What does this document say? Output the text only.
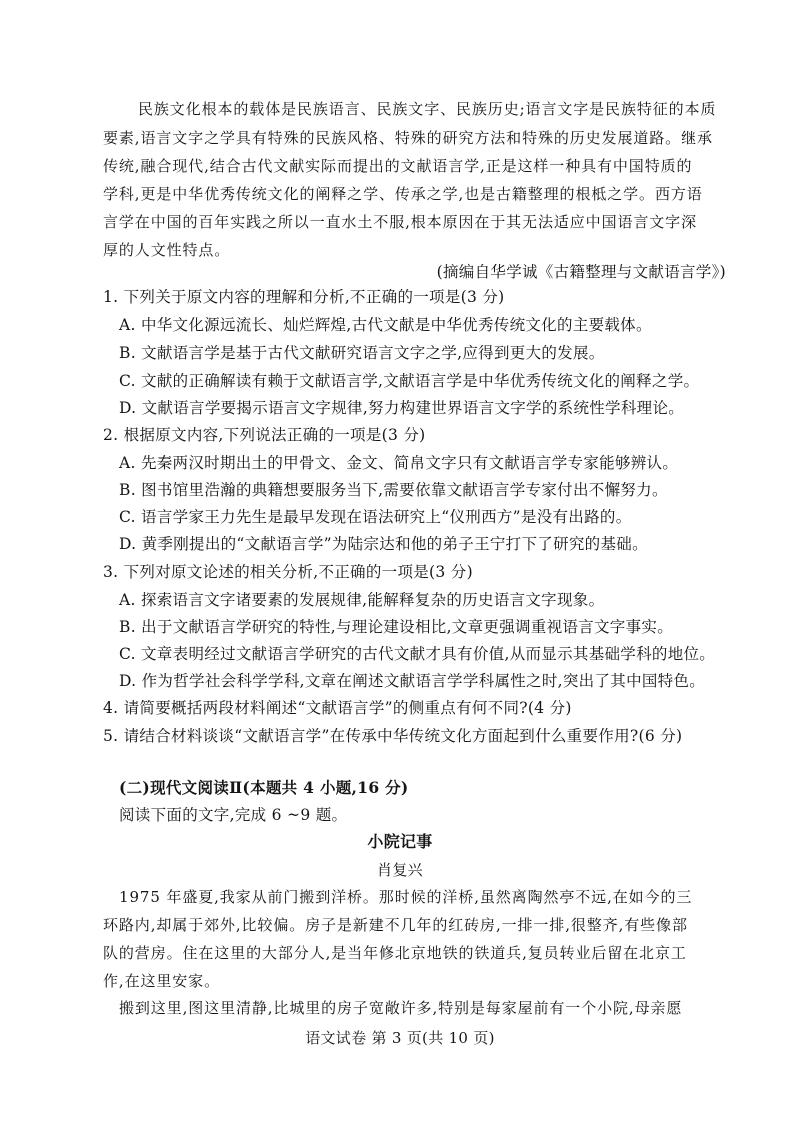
民族文化根本的载体是民族语言、民族文字、民族历史;语言文字是民族特征的本质
要素,语言文字之学具有特殊的民族风格、特殊的研究方法和特殊的历史发展道路。继承
传统,融合现代,结合古代文献实际而提出的文献语言学,正是这样一种具有中国特质的
学科,更是中华优秀传统文化的阐释之学、传承之学,也是古籍整理的根柢之学。西方语
言学在中国的百年实践之所以一直水土不服,根本原因在于其无法适应中国语言文字深
厚的人文性特点。
(摘编自华学诚《古籍整理与文献语言学》)
1. 下列关于原文内容的理解和分析,不正确的一项是(3 分)
A. 中华文化源远流长、灿烂辉煌,古代文献是中华优秀传统文化的主要载体。
B. 文献语言学是基于古代文献研究语言文字之学,应得到更大的发展。
C. 文献的正确解读有赖于文献语言学,文献语言学是中华优秀传统文化的阐释之学。
D. 文献语言学要揭示语言文字规律,努力构建世界语言文字学的系统性学科理论。
2. 根据原文内容,下列说法正确的一项是(3 分)
A. 先秦两汉时期出土的甲骨文、金文、简帛文字只有文献语言学专家能够辨认。
B. 图书馆里浩瀚的典籍想要服务当下,需要依靠文献语言学专家付出不懈努力。
C. 语言学家王力先生是最早发现在语法研究上“仪刑西方”是没有出路的。
D. 黄季刚提出的“文献语言学”为陆宗达和他的弟子王宁打下了研究的基础。
3. 下列对原文论述的相关分析,不正确的一项是(3 分)
A. 探索语言文字诸要素的发展规律,能解释复杂的历史语言文字现象。
B. 出于文献语言学研究的特性,与理论建设相比,文章更强调重视语言文字事实。
C. 文章表明经过文献语言学研究的古代文献才具有价值,从而显示其基础学科的地位。
D. 作为哲学社会科学学科,文章在阐述文献语言学学科属性之时,突出了其中国特色。
4. 请简要概括两段材料阐述“文献语言学”的侧重点有何不同?(4 分)
5. 请结合材料谈谈“文献语言学”在传承中华传统文化方面起到什么重要作用?(6 分)
(二)现代文阅读Ⅱ(本题共 4 小题,16 分)
阅读下面的文字,完成 6 ~9 题。
小院记事
肖复兴
1975 年盛夏,我家从前门搬到洋桥。那时候的洋桥,虽然离陶然亭不远,在如今的三
环路内,却属于郊外,比较偏。房子是新建不几年的红砖房,一排一排,很整齐,有些像部
队的营房。住在这里的大部分人,是当年修北京地铁的铁道兵,复员转业后留在北京工
作,在这里安家。
搬到这里,图这里清静,比城里的房子宽敞许多,特别是每家屋前有一个小院,母亲愿
语文试卷 第 3 页(共 10 页)
